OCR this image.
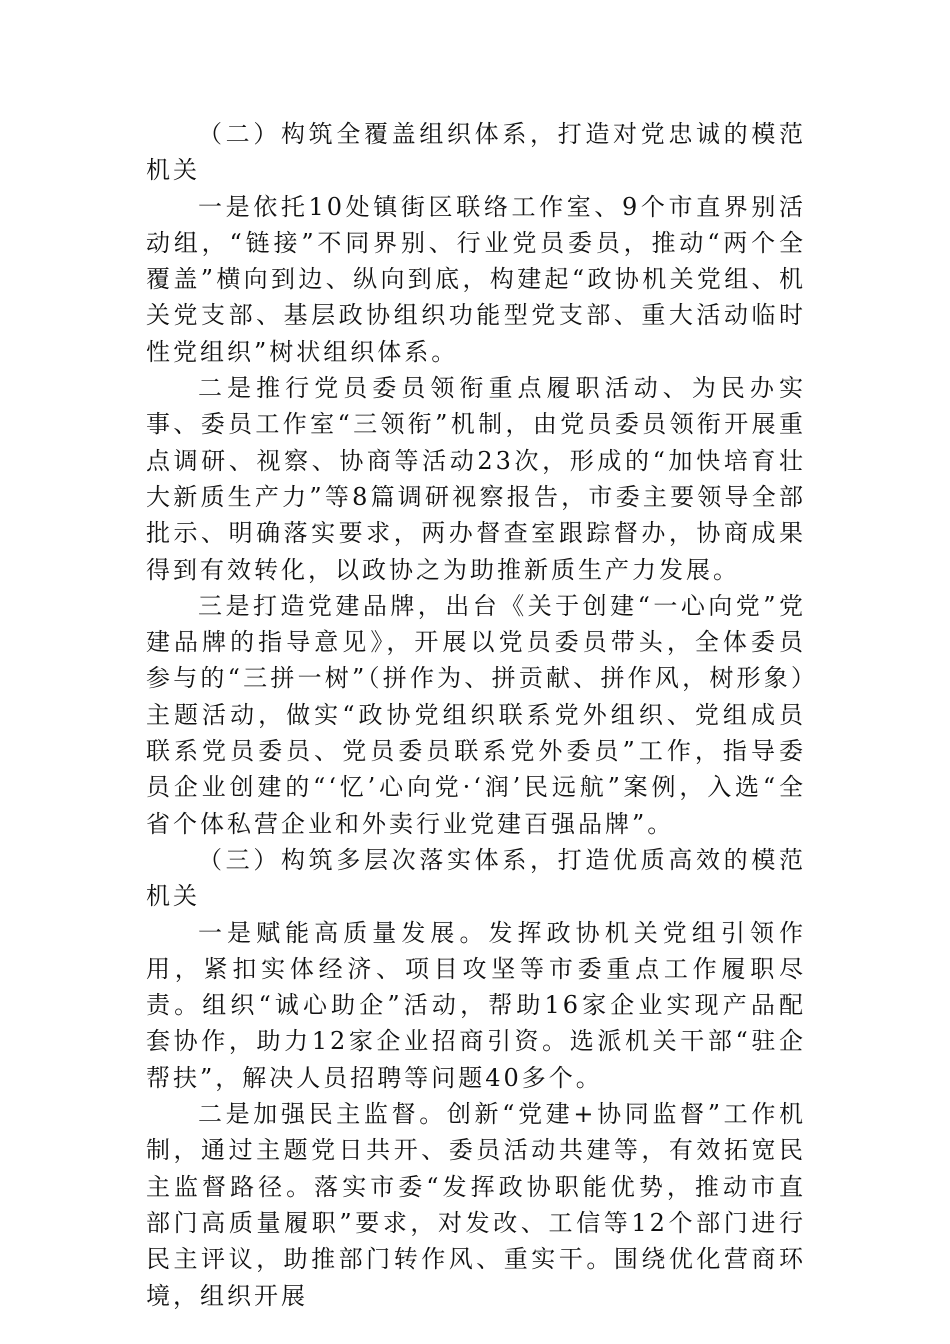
（二）构筑全覆盖组织体系，打造对党忠诚的模范机关

一是依托10处镇街区联络工作室、9个市直界别活动组，“链接”不同界别、行业党员委员，推动“两个全覆盖”横向到边、纵向到底，构建起“政协机关党组、机关党支部、基层政协组织功能型党支部、重大活动临时性党组织”树状组织体系。

二是推行党员委员领衔重点履职活动、为民办实事、委员工作室“三领衔”机制，由党员委员领衔开展重点调研、视察、协商等活动23次，形成的“加快培育壮大新质生产力”等8篇调研视察报告，市委主要领导全部批示、明确落实要求，两办督查室跟踪督办，协商成果得到有效转化，以政协之为助推新质生产力发展。

三是打造党建品牌，出台《关于创建“一心向党”党建品牌的指导意见》，开展以党员委员带头，全体委员参与的“三拼一树”（拼作为、拼贡献、拼作风，树形象）主题活动，做实“政协党组织联系党外组织、党组成员联系党员委员、党员委员联系党外委员”工作，指导委员企业创建的“‘忆’心向党·‘润’民远航”案例，入选“全省个体私营企业和外卖行业党建百强品牌”。

（三）构筑多层次落实体系，打造优质高效的模范机关

一是赋能高质量发展。发挥政协机关党组引领作用，紧扣实体经济、项目攻坚等市委重点工作履职尽责。组织“诚心助企”活动，帮助16家企业实现产品配套协作，助力12家企业招商引资。选派机关干部“驻企帮扶”，解决人员招聘等问题40多个。

二是加强民主监督。创新“党建+协同监督”工作机制，通过主题党日共开、委员活动共建等，有效拓宽民主监督路径。落实市委“发挥政协职能优势，推动市直部门高质量履职”要求，对发改、工信等12个部门进行民主评议，助推部门转作风、重实干。围绕优化营商环境，组织开展
